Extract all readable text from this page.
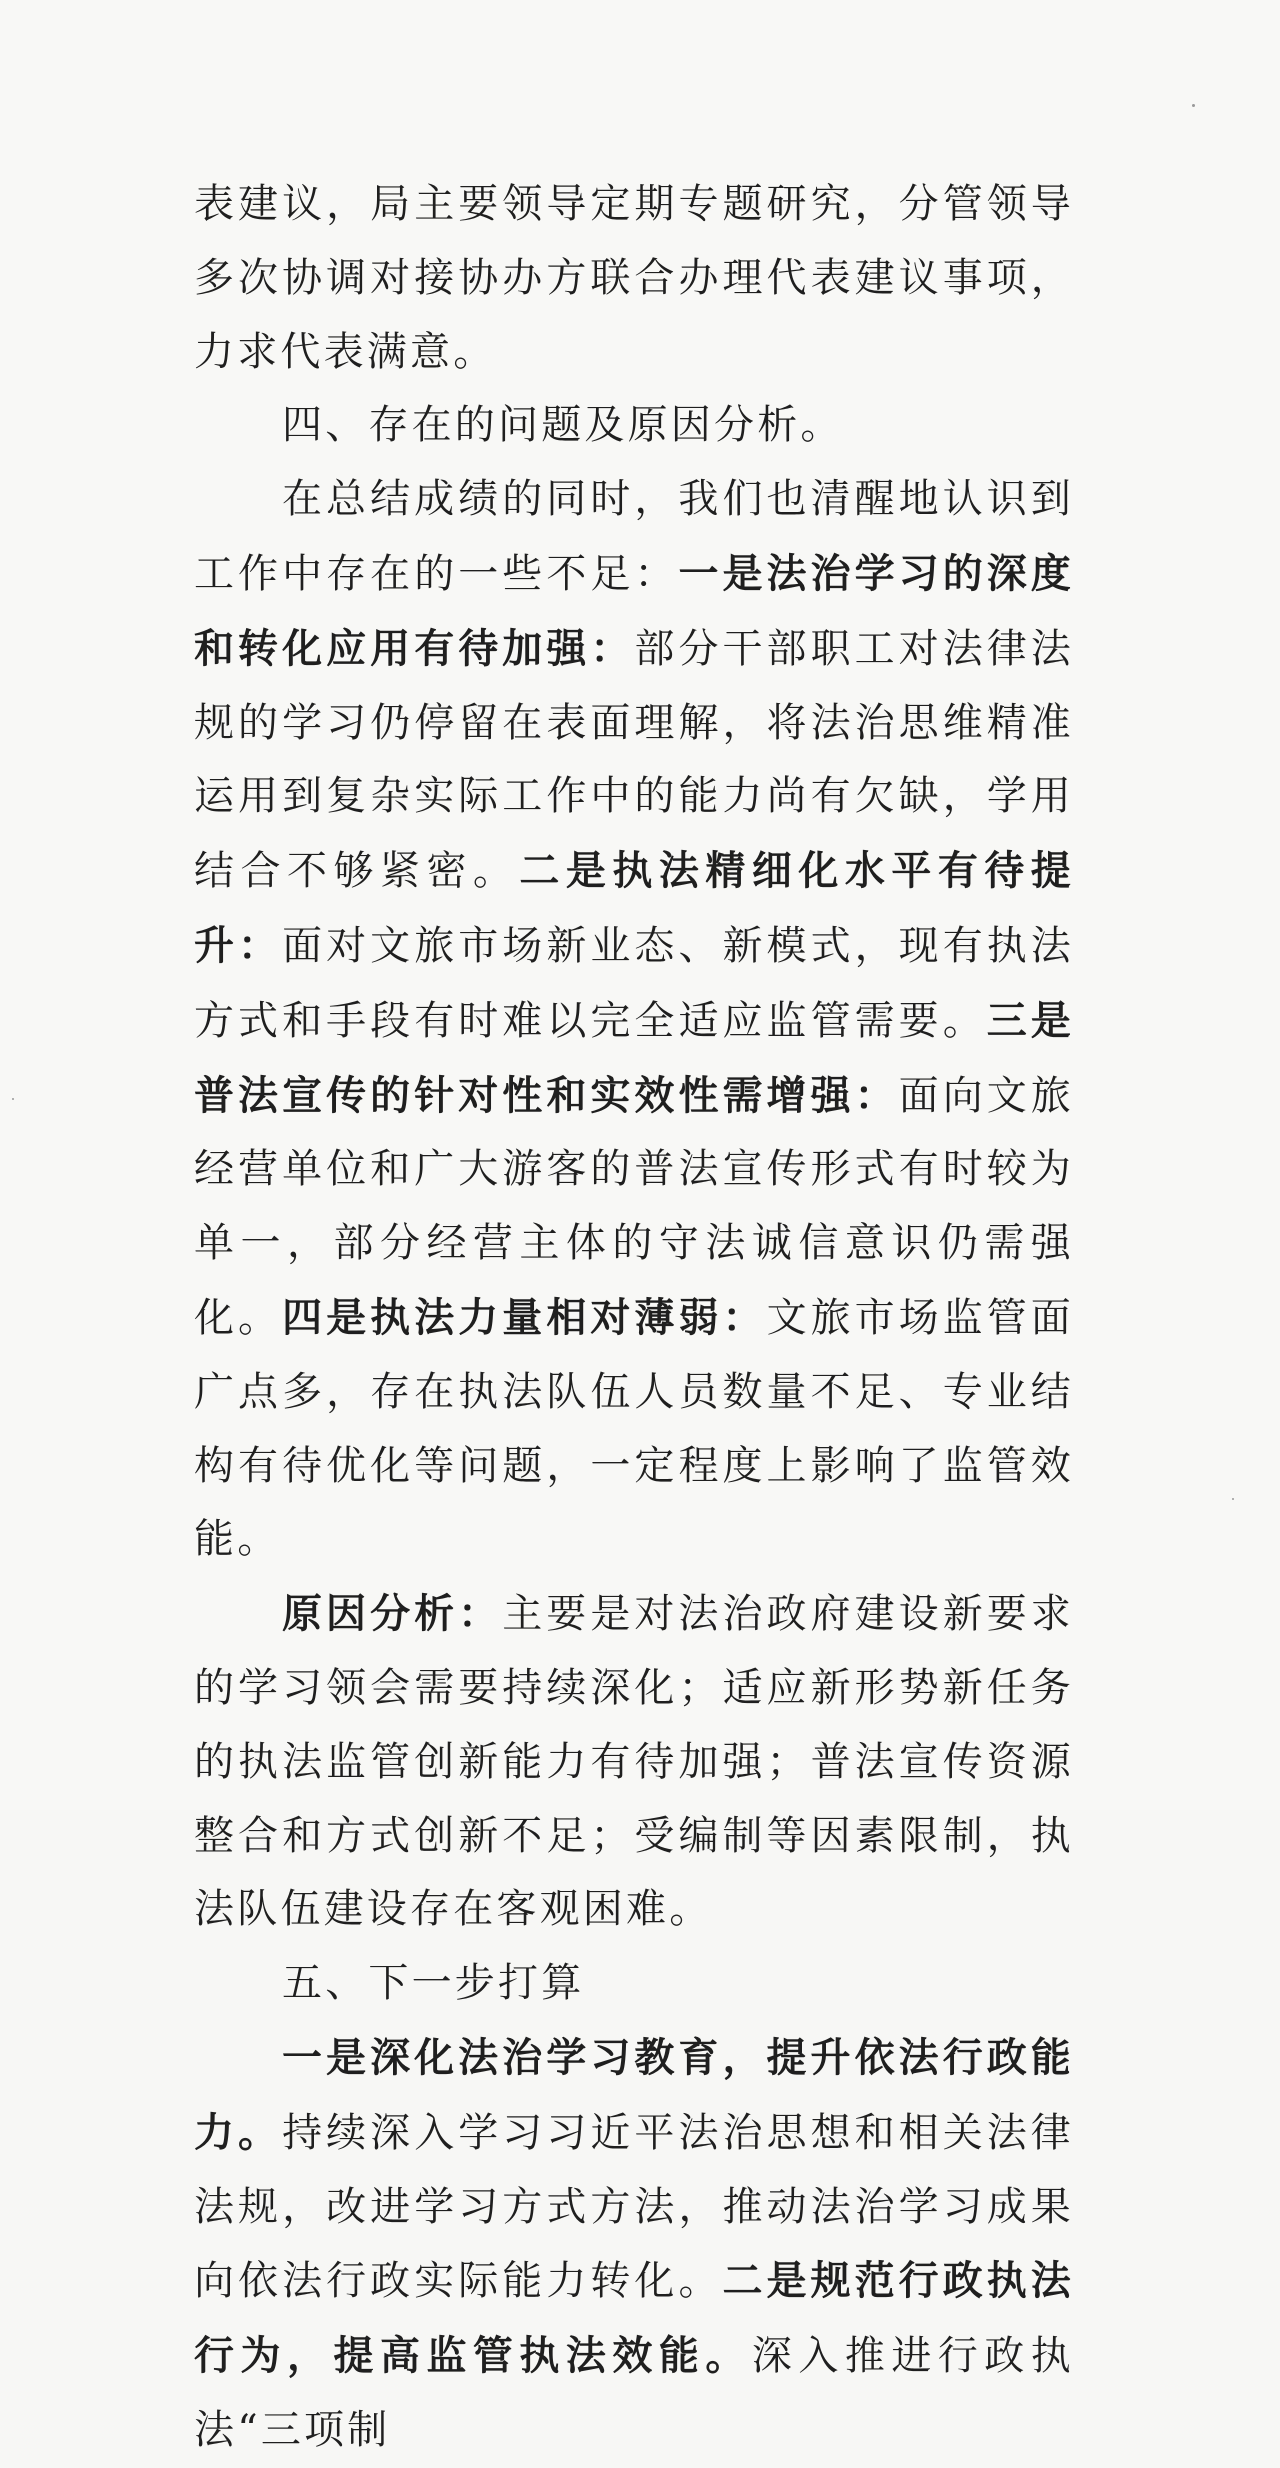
表建议，局主要领导定期专题研究，分管领导多次协调对接协办方联合办理代表建议事项，力求代表满意。

四、存在的问题及原因分析。

在总结成绩的同时，我们也清醒地认识到工作中存在的一些不足：一是法治学习的深度和转化应用有待加强：部分干部职工对法律法规的学习仍停留在表面理解，将法治思维精准运用到复杂实际工作中的能力尚有欠缺，学用结合不够紧密。二是执法精细化水平有待提升：面对文旅市场新业态、新模式，现有执法方式和手段有时难以完全适应监管需要。三是普法宣传的针对性和实效性需增强：面向文旅经营单位和广大游客的普法宣传形式有时较为单一，部分经营主体的守法诚信意识仍需强化。四是执法力量相对薄弱：文旅市场监管面广点多，存在执法队伍人员数量不足、专业结构有待优化等问题，一定程度上影响了监管效能。

原因分析：主要是对法治政府建设新要求的学习领会需要持续深化；适应新形势新任务的执法监管创新能力有待加强；普法宣传资源整合和方式创新不足；受编制等因素限制，执法队伍建设存在客观困难。

五、下一步打算

一是深化法治学习教育，提升依法行政能力。持续深入学习习近平法治思想和相关法律法规，改进学习方式方法，推动法治学习成果向依法行政实际能力转化。二是规范行政执法行为，提高监管执法效能。深入推进行政执法“三项制
